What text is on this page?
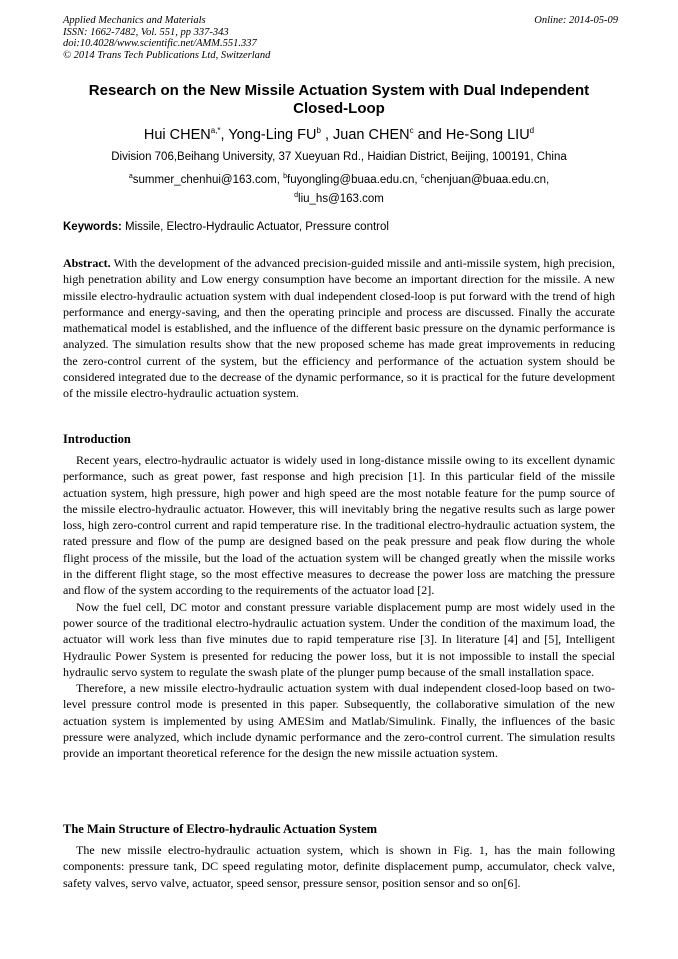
Applied Mechanics and Materials
ISSN: 1662-7482, Vol. 551, pp 337-343
doi:10.4028/www.scientific.net/AMM.551.337
© 2014 Trans Tech Publications Ltd, Switzerland
Online: 2014-05-09
Research on the New Missile Actuation System with Dual Independent Closed-Loop
Hui $CHEN^{a,*}$, Yong-Ling $FU^b$ , Juan CHEN$^c$ and He-Song LIU$^d$
Division 706,Beihang University, 37 Xueyuan Rd., Haidian District, Beijing, 100191, China
$^a$summer_chenhui@163.com, $^b$fuyongling@buaa.edu.cn, $^c$chenjuan@buaa.edu.cn,
$^d$liu_hs@163.com
Keywords: Missile, Electro-Hydraulic Actuator, Pressure control
Abstract. With the development of the advanced precision-guided missile and anti-missile system, high precision, high penetration ability and Low energy consumption have become an important direction for the missile. A new missile electro-hydraulic actuation system with dual independent closed-loop is put forward with the trend of high performance and energy-saving, and then the operating principle and process are discussed. Finally the accurate mathematical model is established, and the influence of the different basic pressure on the dynamic performance is analyzed. The simulation results show that the new proposed scheme has made great improvements in reducing the zero-control current of the system, but the efficiency and performance of the actuation system should be considered integrated due to the decrease of the dynamic performance, so it is practical for the future development of the missile electro-hydraulic actuation system.
Introduction

Recent years, electro-hydraulic actuator is widely used in long-distance missile owing to its excellent dynamic performance, such as great power, fast response and high precision [1]. In this particular field of the missile actuation system, high pressure, high power and high speed are the most notable feature for the pump source of the missile electro-hydraulic actuator. However, this will inevitably bring the negative results such as large power loss, high zero-control current and rapid temperature rise. In the traditional electro-hydraulic actuation system, the rated pressure and flow of the pump are designed based on the peak pressure and peak flow during the whole flight process of the missile, but the load of the actuation system will be changed greatly when the missile works in the different flight stage, so the most effective measures to decrease the power loss are matching the pressure and flow of the system according to the requirements of the actuator load [2].

Now the fuel cell, DC motor and constant pressure variable displacement pump are most widely used in the power source of the traditional electro-hydraulic actuation system. Under the condition of the maximum load, the actuator will work less than five minutes due to rapid temperature rise [3]. In literature [4] and [5], Intelligent Hydraulic Power System is presented for reducing the power loss, but it is not impossible to install the special hydraulic servo system to regulate the swash plate of the plunger pump because of the small installation space.

Therefore, a new missile electro-hydraulic actuation system with dual independent closed-loop based on two-level pressure control mode is presented in this paper. Subsequently, the collaborative simulation of the new actuation system is implemented by using AMESim and Matlab/Simulink. Finally, the influences of the basic pressure were analyzed, which include dynamic performance and the zero-control current. The simulation results provide an important theoretical reference for the design the new missile actuation system.

The Main Structure of Electro-hydraulic Actuation System

The new missile electro-hydraulic actuation system, which is shown in Fig. 1, has the main following components: pressure tank, DC speed regulating motor, definite displacement pump, accumulator, check valve, safety valves, servo valve, actuator, speed sensor, pressure sensor, position sensor and so on[6].
